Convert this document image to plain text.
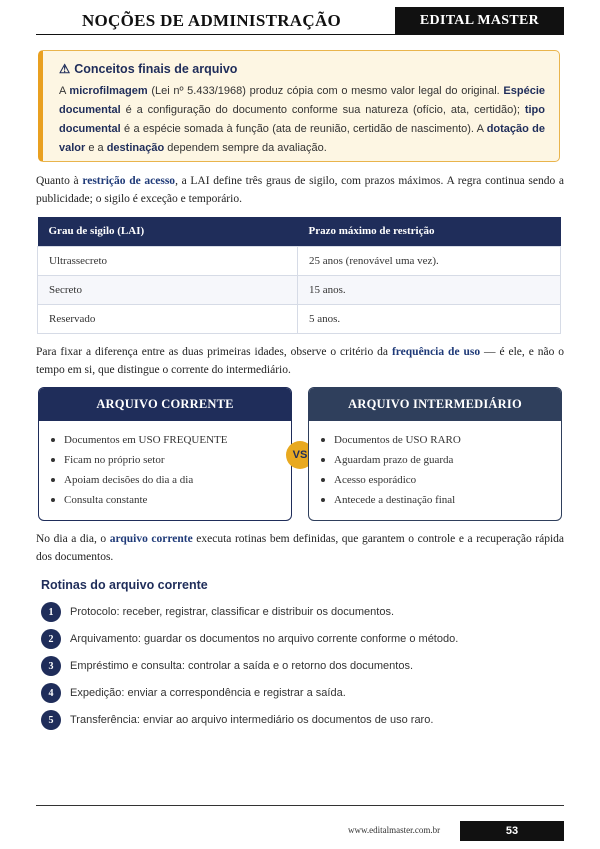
NOÇÕES DE ADMINISTRAÇÃO	EDITAL MASTER
⚠ Conceitos finais de arquivo
A microfilmagem (Lei nº 5.433/1968) produz cópia com o mesmo valor legal do original. Espécie documental é a configuração do documento conforme sua natureza (ofício, ata, certidão); tipo documental é a espécie somada à função (ata de reunião, certidão de nascimento). A dotação de valor e a destinação dependem sempre da avaliação.
Quanto à restrição de acesso, a LAI define três graus de sigilo, com prazos máximos. A regra continua sendo a publicidade; o sigilo é exceção e temporário.
Grau de sigilo (LAI)	Prazo máximo de restrição
Ultrassecreto	25 anos (renovável uma vez).
Secreto	15 anos.
Reservado	5 anos.
Para fixar a diferença entre as duas primeiras idades, observe o critério da frequência de uso — é ele, e não o tempo em si, que distingue o corrente do intermediário.
ARQUIVO CORRENTE
Documentos em USO FREQUENTE
Ficam no próprio setor
Apoiam decisões do dia a dia
Consulta constante
VS
ARQUIVO INTERMEDIÁRIO
Documentos de USO RARO
Aguardam prazo de guarda
Acesso esporádico
Antecede a destinação final
No dia a dia, o arquivo corrente executa rotinas bem definidas, que garantem o controle e a recuperação rápida dos documentos.
Rotinas do arquivo corrente
1	Protocolo: receber, registrar, classificar e distribuir os documentos.
2	Arquivamento: guardar os documentos no arquivo corrente conforme o método.
3	Empréstimo e consulta: controlar a saída e o retorno dos documentos.
4	Expedição: enviar a correspondência e registrar a saída.
5	Transferência: enviar ao arquivo intermediário os documentos de uso raro.
www.editalmaster.com.br	53
